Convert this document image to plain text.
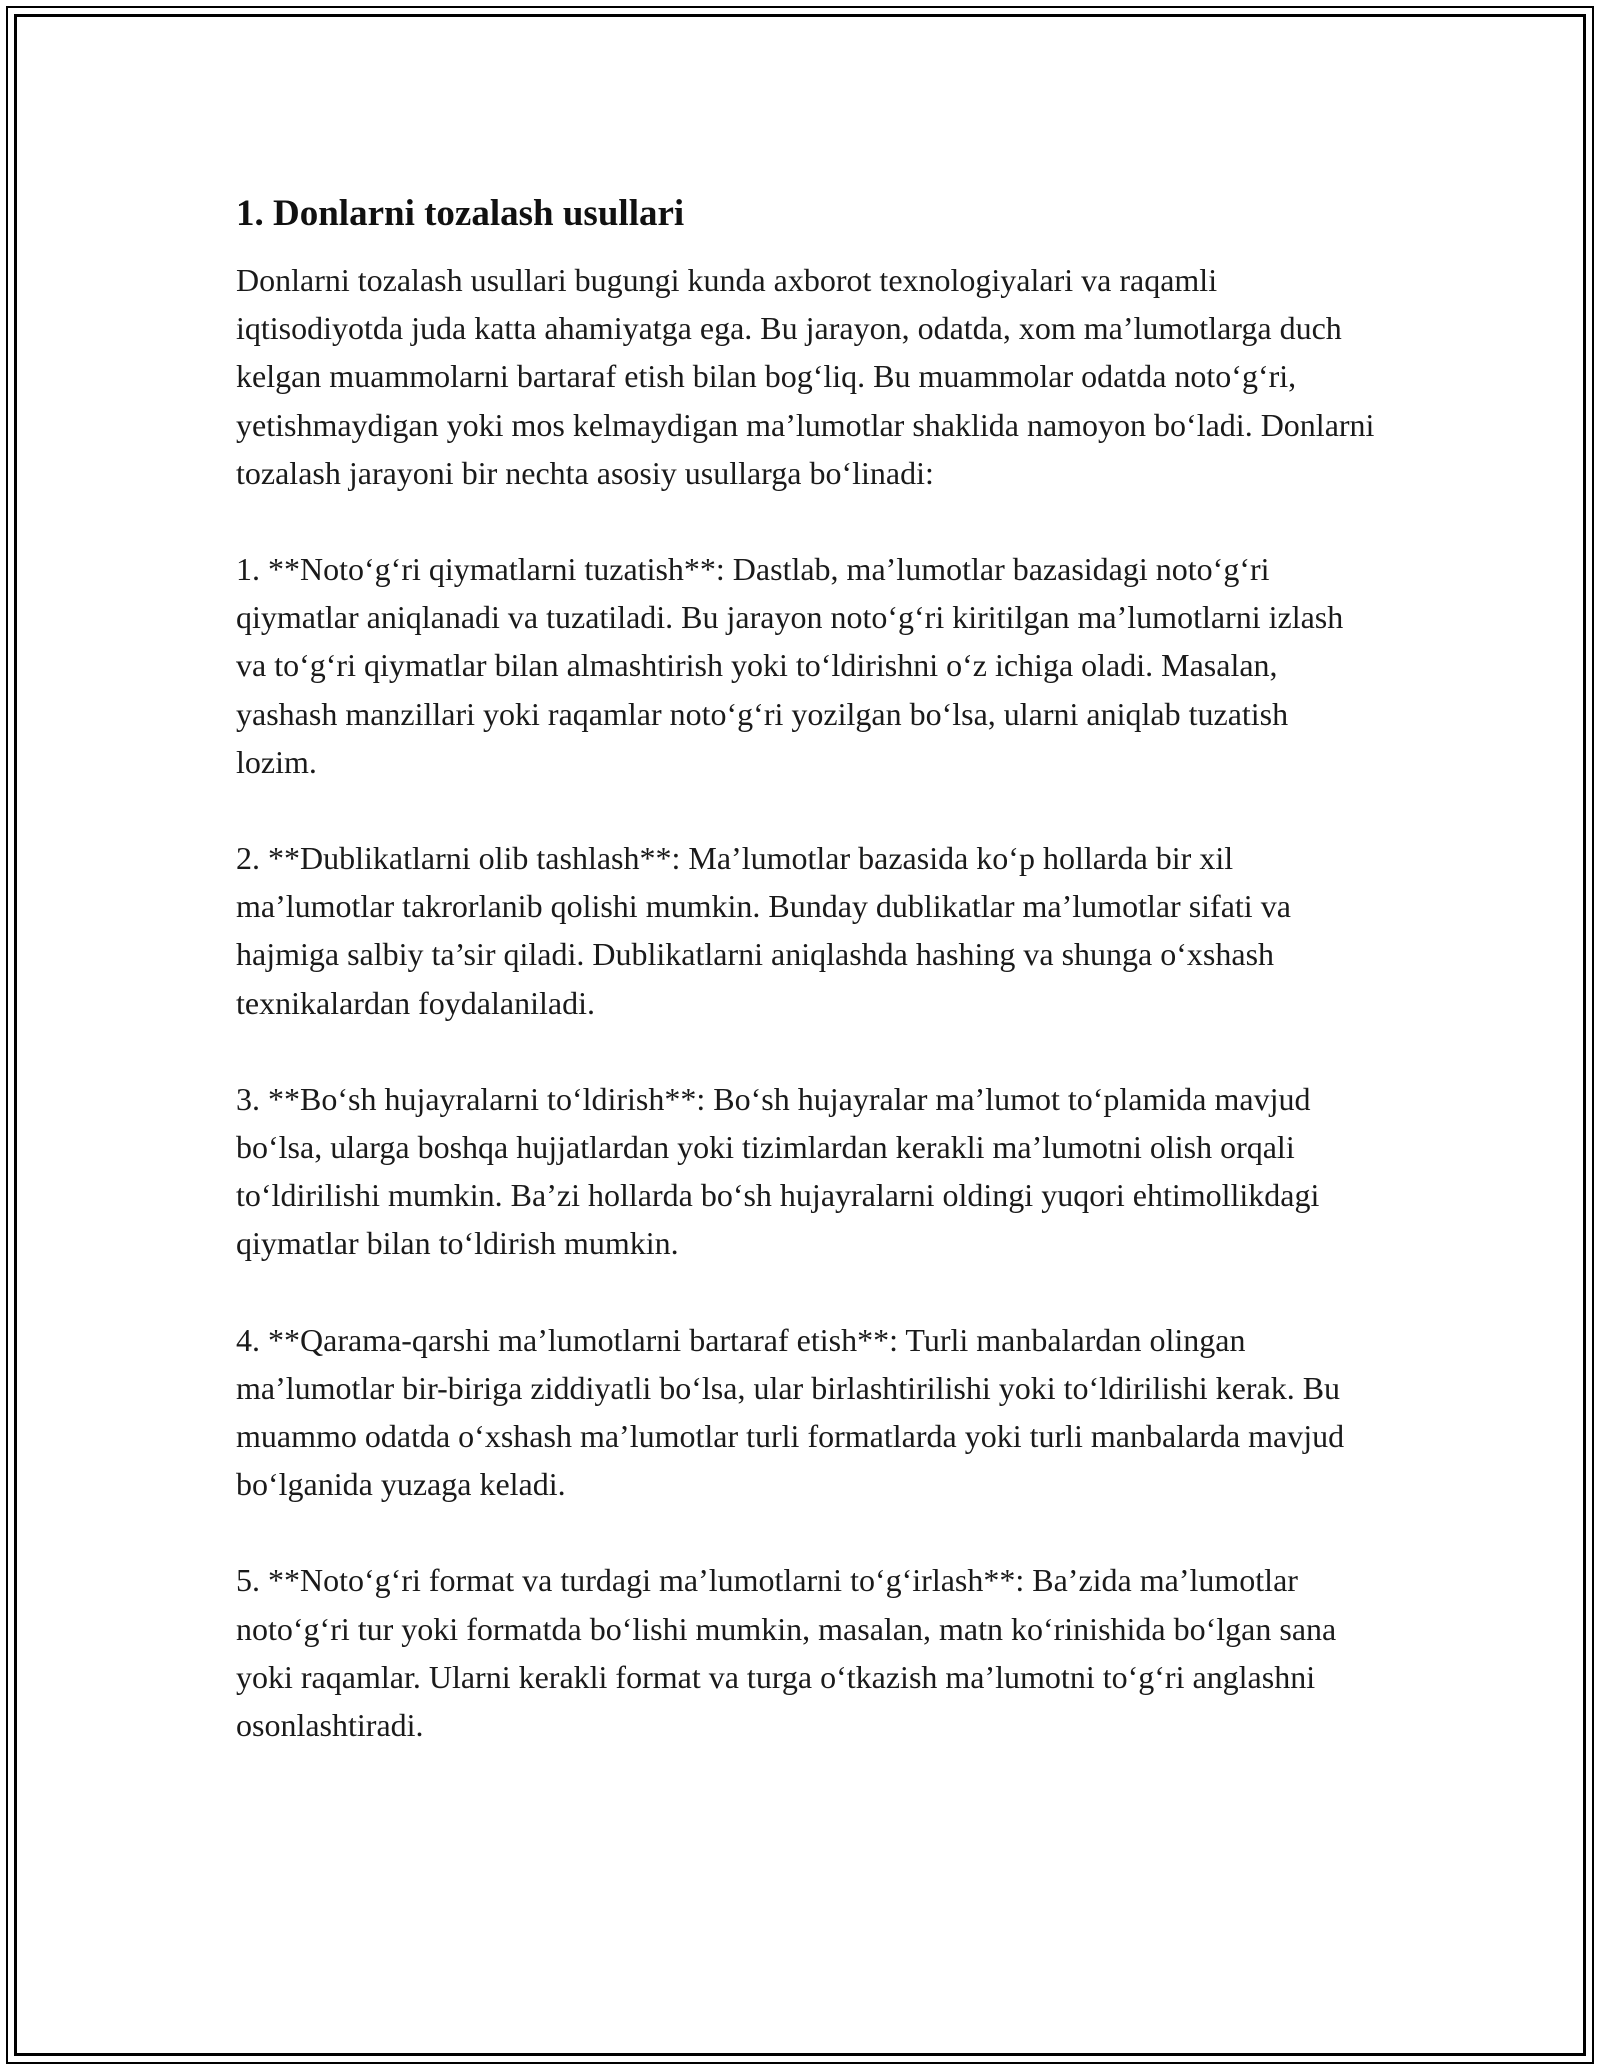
1. Donlarni tozalash usullari

Donlarni tozalash usullari bugungi kunda axborot texnologiyalari va raqamli iqtisodiyotda juda katta ahamiyatga ega. Bu jarayon, odatda, xom ma’lumotlarga duch kelgan muammolarni bartaraf etish bilan bog‘liq. Bu muammolar odatda noto‘g‘ri, yetishmaydigan yoki mos kelmaydigan ma’lumotlar shaklida namoyon bo‘ladi. Donlarni tozalash jarayoni bir nechta asosiy usullarga bo‘linadi:

1. **Noto‘g‘ri qiymatlarni tuzatish**: Dastlab, ma’lumotlar bazasidagi noto‘g‘ri qiymatlar aniqlanadi va tuzatiladi. Bu jarayon noto‘g‘ri kiritilgan ma’lumotlarni izlash va to‘g‘ri qiymatlar bilan almashtirish yoki to‘ldirishni o‘z ichiga oladi. Masalan, yashash manzillari yoki raqamlar noto‘g‘ri yozilgan bo‘lsa, ularni aniqlab tuzatish lozim.

2. **Dublikatlarni olib tashlash**: Ma’lumotlar bazasida ko‘p hollarda bir xil ma’lumotlar takrorlanib qolishi mumkin. Bunday dublikatlar ma’lumotlar sifati va hajmiga salbiy ta’sir qiladi. Dublikatlarni aniqlashda hashing va shunga o‘xshash texnikalardan foydalaniladi.

3. **Bo‘sh hujayralarni to‘ldirish**: Bo‘sh hujayralar ma’lumot to‘plamida mavjud bo‘lsa, ularga boshqa hujjatlardan yoki tizimlardan kerakli ma’lumotni olish orqali to‘ldirilishi mumkin. Ba’zi hollarda bo‘sh hujayralarni oldingi yuqori ehtimollikdagi qiymatlar bilan to‘ldirish mumkin.

4. **Qarama-qarshi ma’lumotlarni bartaraf etish**: Turli manbalardan olingan ma’lumotlar bir-biriga ziddiyatli bo‘lsa, ular birlashtirilishi yoki to‘ldirilishi kerak. Bu muammo odatda o‘xshash ma’lumotlar turli formatlarda yoki turli manbalarda mavjud bo‘lganida yuzaga keladi.

5. **Noto‘g‘ri format va turdagi ma’lumotlarni to‘g‘irlash**: Ba’zida ma’lumotlar noto‘g‘ri tur yoki formatda bo‘lishi mumkin, masalan, matn ko‘rinishida bo‘lgan sana yoki raqamlar. Ularni kerakli format va turga o‘tkazish ma’lumotni to‘g‘ri anglashni osonlashtiradi.
